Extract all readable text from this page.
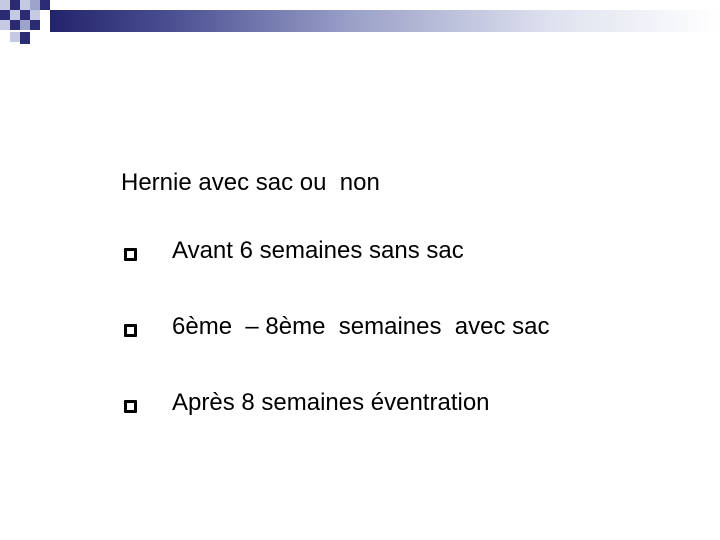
Hernie avec sac ou  non
Avant 6 semaines sans sac
6ème  – 8ème  semaines  avec sac
Après 8 semaines éventration
